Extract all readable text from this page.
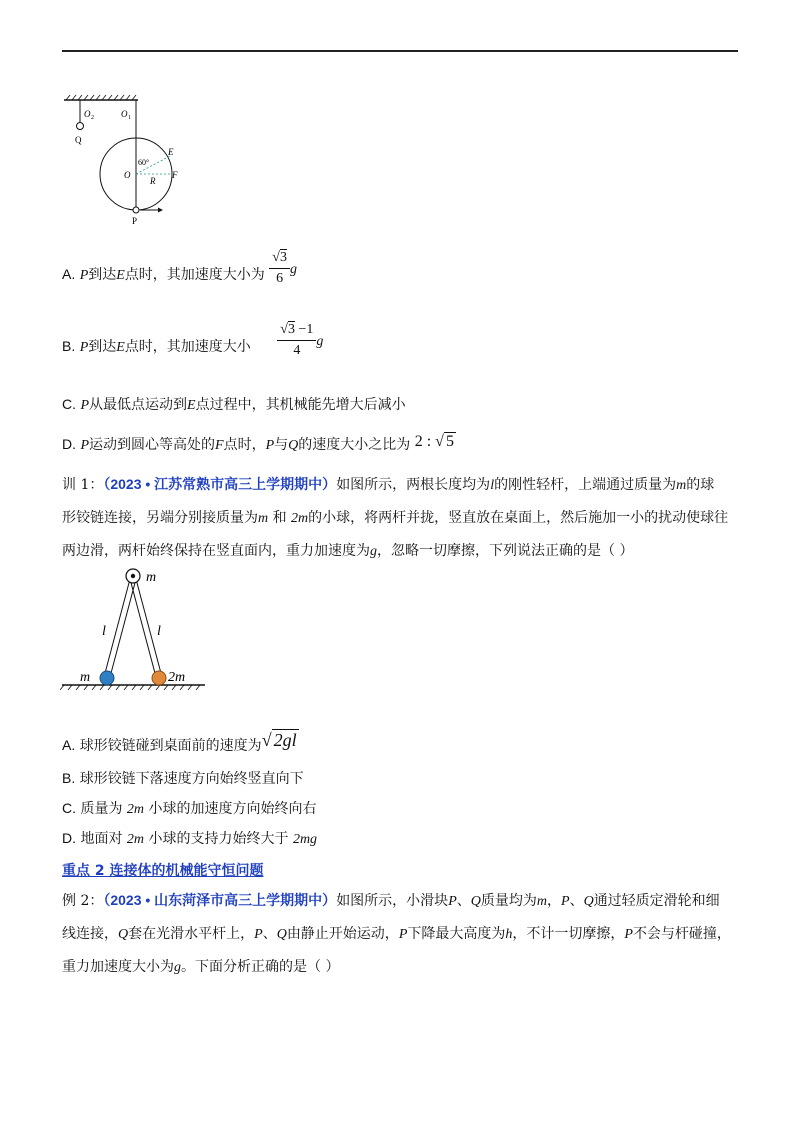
O 2	O 1
Q
60°
E
O
R
F
P
A. P到达E点时，其加速度大小为 $\frac{√3}{6}$ g
B. P到达E点时，其加速度大小 $\frac{√3 -1}{4}$ g
C. P从最低点运动到E点过程中，其机械能先增大后减小
D. P运动到圆心等高处的F点时，P与Q的速度大小之比为 2 : √ 5
训 1：（2023 • 江苏常熟市高三上学期期中）如图所示，两根长度均为l的刚性轻杆，上端通过质量为m的球
形铰链连接，另端分别接质量为m 和 2m的小球，将两杆并拢，竖直放在桌面上，然后施加一小的扰动使球往
两边滑，两杆始终保持在竖直面内，重力加速度为g，忽略一切摩擦，下列说法正确的是（ ）
m
l	l
m	2m
A. 球形铰链碰到桌面前的速度为√ 2gl
B. 球形铰链下落速度方向始终竖直向下
C. 质量为 2m 小球的加速度方向始终向右
D. 地面对 2m 小球的支持力始终大于 2mg
重点 2 连接体的机械能守恒问题
例 2：（2023 • 山东菏泽市高三上学期期中）如图所示，小滑块P、Q质量均为m，P、Q通过轻质定滑轮和细
线连接，Q套在光滑水平杆上，P、Q由静止开始运动，P下降最大高度为h，不计一切摩擦，P不会与杆碰撞，
重力加速度大小为g。下面分析正确的是（ ）
